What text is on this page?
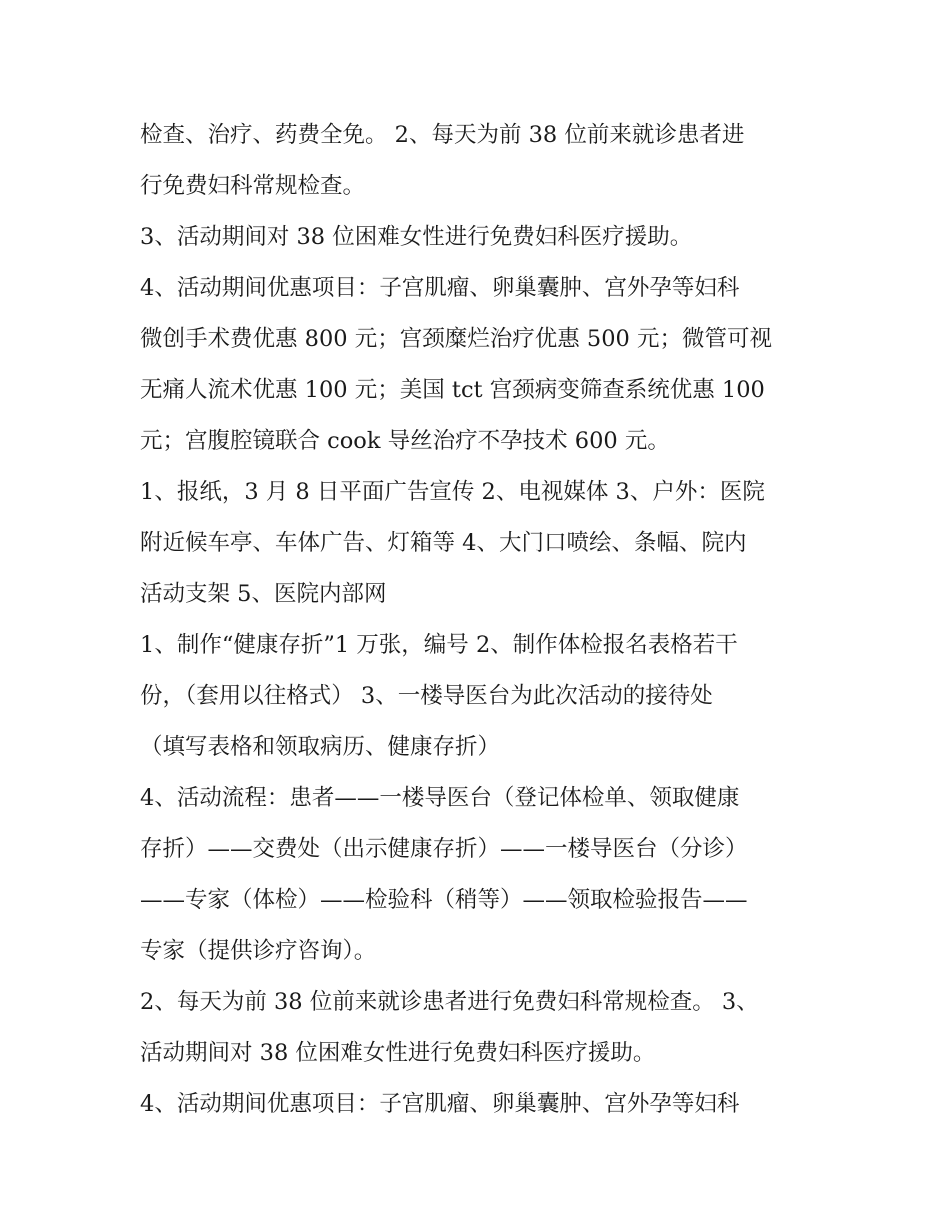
检查、治疗、药费全免。 2、每天为前 38 位前来就诊患者进
行免费妇科常规检查。
3、活动期间对 38 位困难女性进行免费妇科医疗援助。
4、活动期间优惠项目：子宫肌瘤、卵巢囊肿、宫外孕等妇科
微创手术费优惠 800 元；宫颈糜烂治疗优惠 500 元；微管可视
无痛人流术优惠 100 元；美国 tct 宫颈病变筛查系统优惠 100
元；宫腹腔镜联合 cook 导丝治疗不孕技术 600 元。
1、报纸，3 月 8 日平面广告宣传 2、电视媒体 3、户外：医院
附近候车亭、车体广告、灯箱等 4、大门口喷绘、条幅、院内
活动支架 5、医院内部网
1、制作“健康存折”1 万张，编号 2、制作体检报名表格若干
份，（套用以往格式） 3、一楼导医台为此次活动的接待处
（填写表格和领取病历、健康存折）
4、活动流程：患者——一楼导医台（登记体检单、领取健康
存折）——交费处（出示健康存折）——一楼导医台（分诊）
——专家（体检）——检验科（稍等）——领取检验报告——
专家（提供诊疗咨询）。
2、每天为前 38 位前来就诊患者进行免费妇科常规检查。 3、
活动期间对 38 位困难女性进行免费妇科医疗援助。
4、活动期间优惠项目：子宫肌瘤、卵巢囊肿、宫外孕等妇科
